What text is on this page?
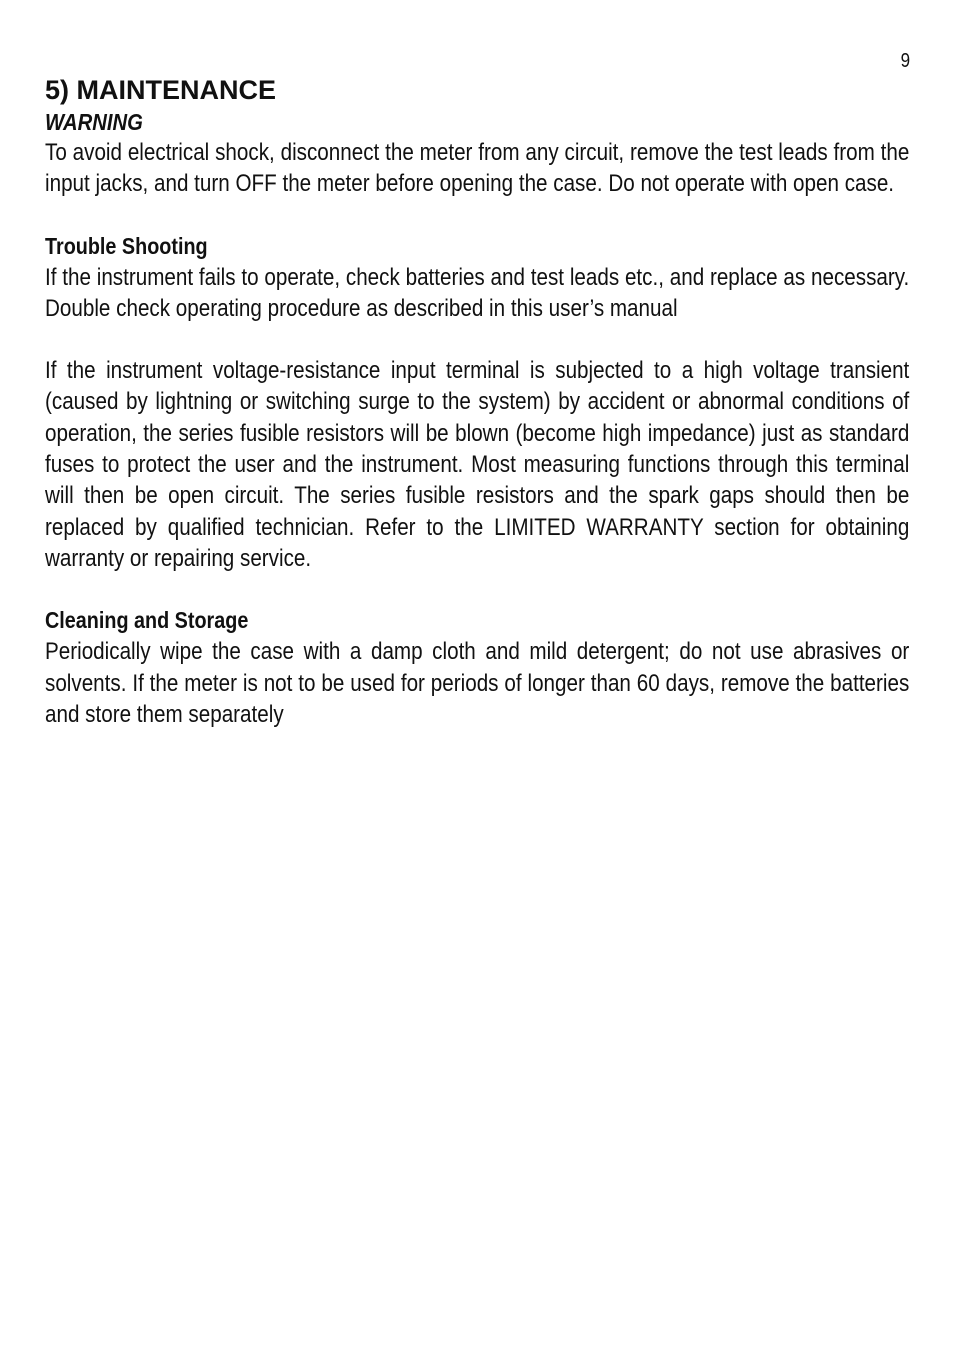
9
5) MAINTENANCE
WARNING

To avoid electrical shock, disconnect the meter from any circuit, remove the test leads from the input jacks, and turn OFF the meter before opening the case. Do not operate with open case.

Trouble Shooting

If the instrument fails to operate, check batteries and test leads etc., and replace as necessary. Double check operating procedure as described in this user’s manual

If the instrument voltage-resistance input terminal is subjected to a high voltage transient (caused by lightning or switching surge to the system) by accident or abnormal conditions of operation, the series fusible resistors will be blown (become high impedance) just as standard fuses to protect the user and the instrument. Most measuring functions through this terminal will then be open circuit. The series fusible resistors and the spark gaps should then be replaced by qualified technician. Refer to the LIMITED WARRANTY section for obtaining warranty or repairing service.

Cleaning and Storage

Periodically wipe the case with a damp cloth and mild detergent; do not use abrasives or solvents. If the meter is not to be used for periods of longer than 60 days, remove the batteries and store them separately
